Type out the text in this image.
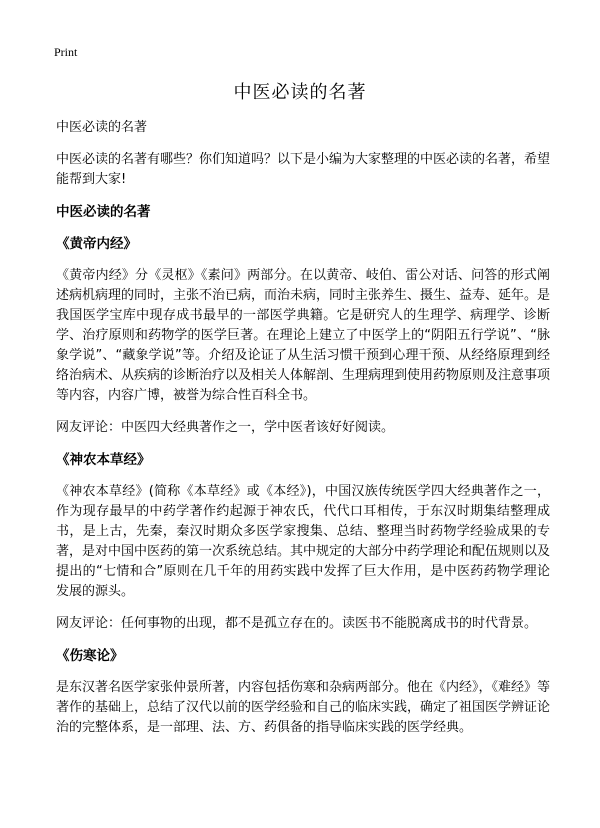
Print
中医必读的名著

中医必读的名著

中医必读的名著有哪些？你们知道吗？以下是小编为大家整理的中医必读的名著，希望能帮到大家!

中医必读的名著

《黄帝内经》

《黄帝内经》分《灵枢》《素问》两部分。在以黄帝、岐伯、雷公对话、问答的形式阐述病机病理的同时，主张不治已病，而治未病，同时主张养生、摄生、益寿、延年。是我国医学宝库中现存成书最早的一部医学典籍。它是研究人的生理学、病理学、诊断学、治疗原则和药物学的医学巨著。在理论上建立了中医学上的“阴阳五行学说”、“脉象学说”、“藏象学说”等。介绍及论证了从生活习惯干预到心理干预、从经络原理到经络治病术、从疾病的诊断治疗以及相关人体解剖、生理病理到使用药物原则及注意事项等内容，内容广博，被誉为综合性百科全书。

网友评论：中医四大经典著作之一，学中医者该好好阅读。

《神农本草经》

《神农本草经》(简称《本草经》或《本经》)，中国汉族传统医学四大经典著作之一，作为现存最早的中药学著作约起源于神农氏，代代口耳相传，于东汉时期集结整理成书，是上古，先秦，秦汉时期众多医学家搜集、总结、整理当时药物学经验成果的专著，是对中国中医药的第一次系统总结。其中规定的大部分中药学理论和配伍规则以及提出的“七情和合”原则在几千年的用药实践中发挥了巨大作用，是中医药药物学理论发展的源头。

网友评论：任何事物的出现，都不是孤立存在的。读医书不能脱离成书的时代背景。

《伤寒论》

是东汉著名医学家张仲景所著，内容包括伤寒和杂病两部分。他在《内经》，《难经》等著作的基础上，总结了汉代以前的医学经验和自己的临床实践，确定了祖国医学辨证论治的完整体系，是一部理、法、方、药俱备的指导临床实践的医学经典。
